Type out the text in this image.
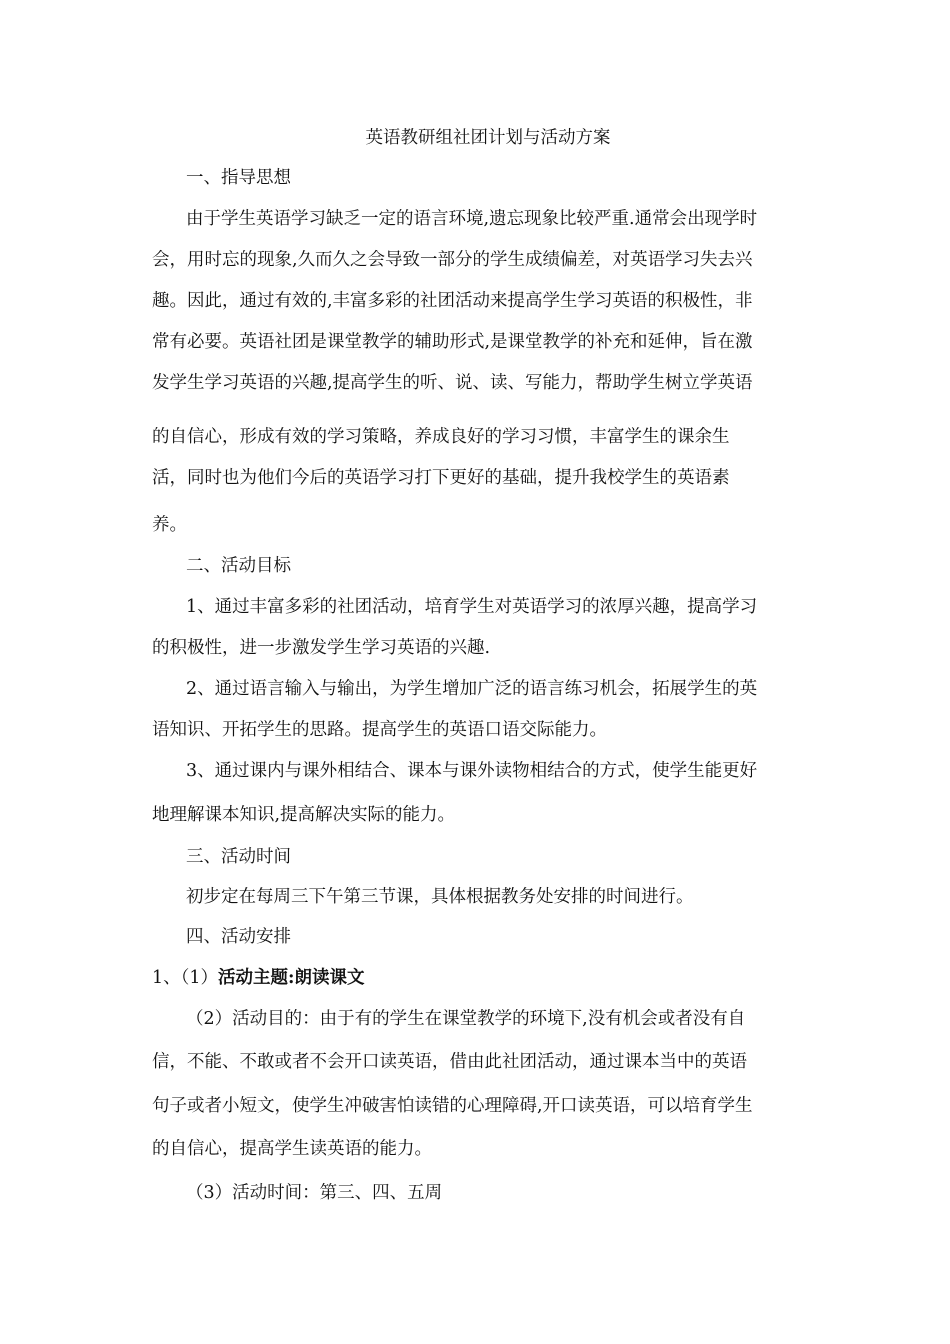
英语教研组社团计划与活动方案
一、指导思想
由于学生英语学习缺乏一定的语言环境,遗忘现象比较严重.通常会出现学时
会，用时忘的现象,久而久之会导致一部分的学生成绩偏差，对英语学习失去兴
趣。因此，通过有效的,丰富多彩的社团活动来提高学生学习英语的积极性，非
常有必要。英语社团是课堂教学的辅助形式,是课堂教学的补充和延伸，旨在激
发学生学习英语的兴趣,提高学生的听、说、读、写能力，帮助学生树立学英语
的自信心，形成有效的学习策略，养成良好的学习习惯，丰富学生的课余生
活，同时也为他们今后的英语学习打下更好的基础，提升我校学生的英语素
养。
二、活动目标
1、通过丰富多彩的社团活动，培育学生对英语学习的浓厚兴趣，提高学习
的积极性，进一步激发学生学习英语的兴趣.
2、通过语言输入与输出，为学生增加广泛的语言练习机会，拓展学生的英
语知识、开拓学生的思路。提高学生的英语口语交际能力。
3、通过课内与课外相结合、课本与课外读物相结合的方式，使学生能更好
地理解课本知识,提高解决实际的能力。
三、活动时间
初步定在每周三下午第三节课，具体根据教务处安排的时间进行。
四、活动安排
1、（1）活动主题:朗读课文
（2）活动目的：由于有的学生在课堂教学的环境下,没有机会或者没有自
信，不能、不敢或者不会开口读英语，借由此社团活动，通过课本当中的英语
句子或者小短文，使学生冲破害怕读错的心理障碍,开口读英语，可以培育学生
的自信心，提高学生读英语的能力。
（3）活动时间：第三、四、五周
